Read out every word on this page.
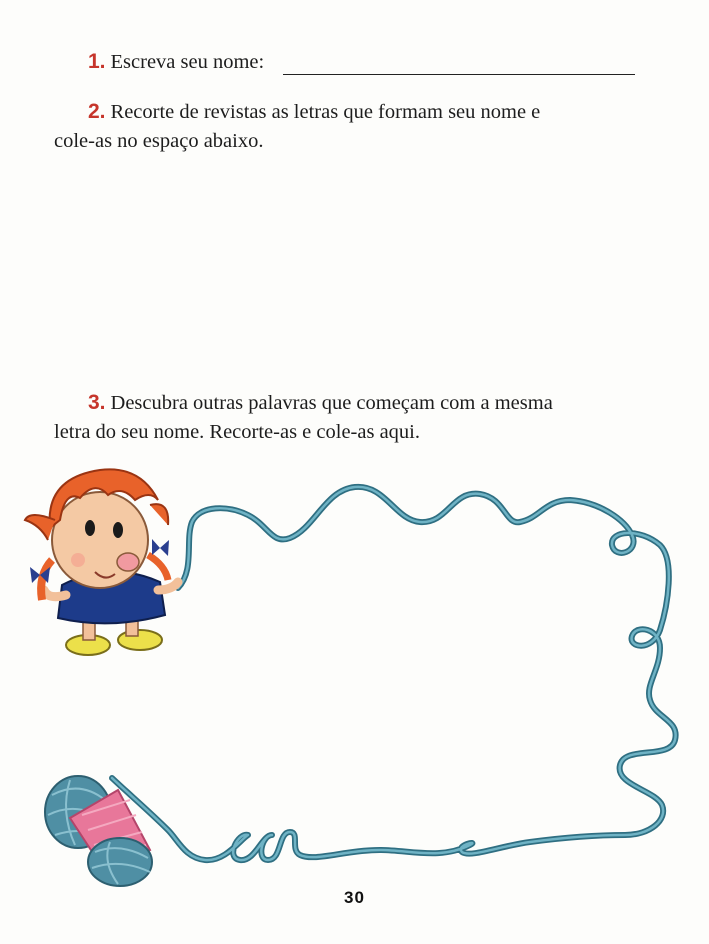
1. Escreva seu nome:

2. Recorte de revistas as letras que formam seu nome e
cole-as no espaço abaixo.

3. Descubra outras palavras que começam com a mesma
letra do seu nome. Recorte-as e cole-as aqui.

30
